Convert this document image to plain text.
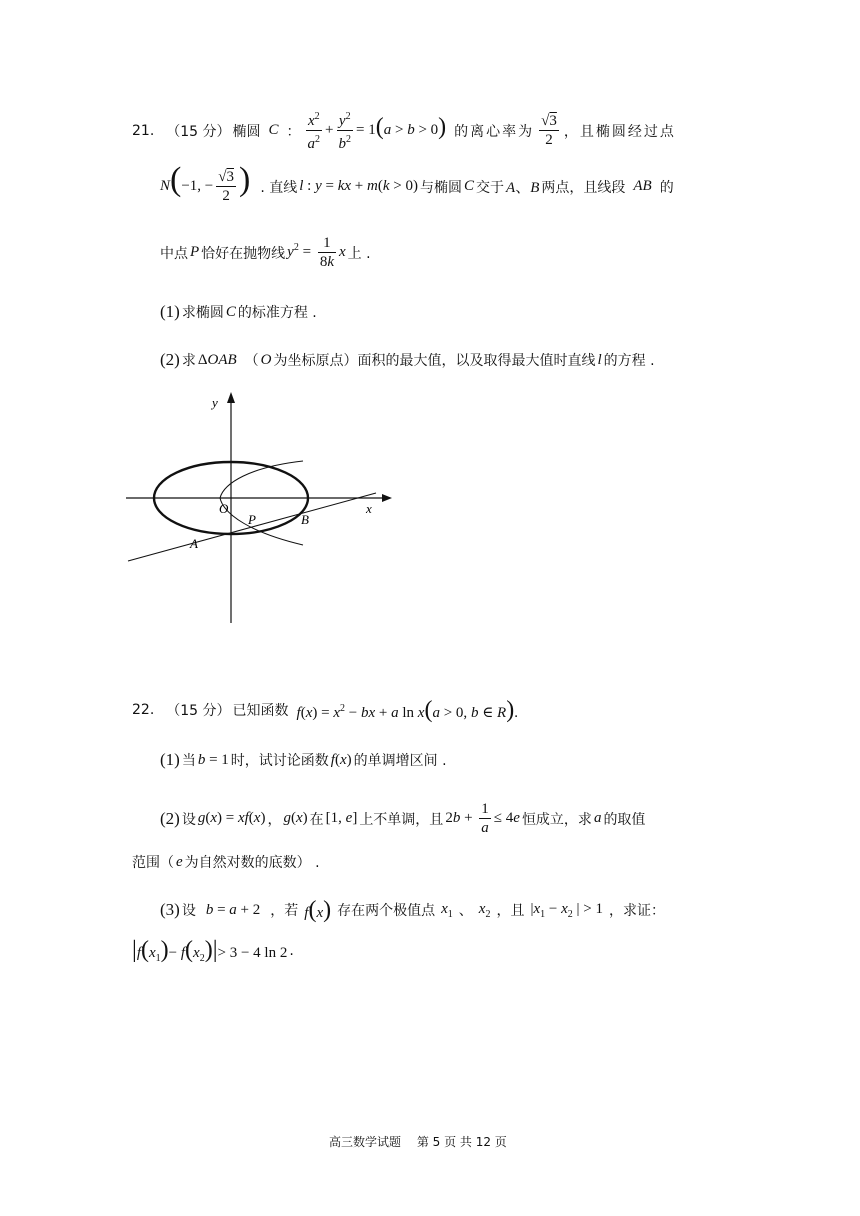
21. （15 分） 椭圆 C ： $\frac{x^2}{a^2} + \frac{y^2}{b^2} = 1(a > b > 0)$ 的离心率为 $\frac{√3}{2}$ ，且椭圆经过点
N(−1, − $\frac{√3}{2}$ ) . 直线 l : y = kx + m(k > 0) 与椭圆 C 交于 A、B 两点，且线段 AB 的
中点 P 恰好在抛物线 $y^2 = \frac{1}{8k}$ x 上 .
(1) 求椭圆 C 的标准方程 .
(2) 求 ΔOAB （ O 为坐标原点）面积的最大值，以及取得最大值时直线 l 的方程 .
y
x
O
P	B
A
22. （15 分） 已知函数 $f(x) = x^2$ − bx + a ln x(a > 0, b ∈ R).
(1) 当 b = 1 时，试讨论函数 f(x) 的单调增区间 .
(2) 设 g(x) = xf(x) ， g(x) 在 [1, e] 上不单调，且 $2b + \frac{1}{a} \le 4e$ 恒成立，求 a 的取值
范围（ e 为自然对数的底数） .
(3) 设 b = a + 2 ，若 f(x) 存在两个极值点 $x_1$ 、 $x_2$ ，且 $|x_1 - x_2$ | > 1 ，求证：
$|f(x_1)- f(x_2)|> 3 - 4$ ln 2 .
高三数学试题　 第 5 页 共 12 页
